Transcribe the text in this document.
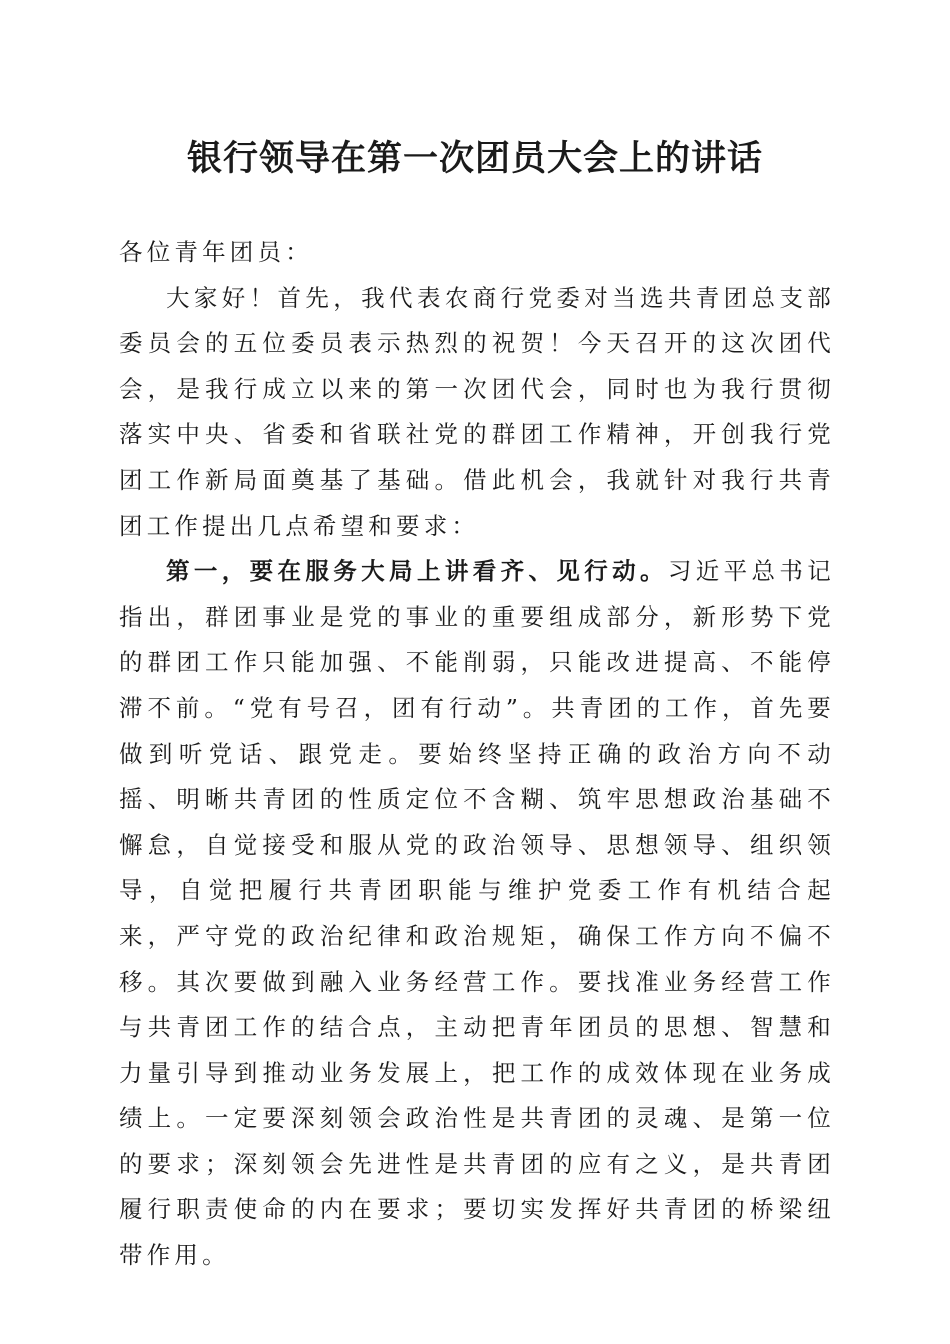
银行领导在第一次团员大会上的讲话

各位青年团员：

大家好！首先，我代表农商行党委对当选共青团总支部委员会的五位委员表示热烈的祝贺！今天召开的这次团代会，是我行成立以来的第一次团代会，同时也为我行贯彻落实中央、省委和省联社党的群团工作精神，开创我行党团工作新局面奠基了基础。借此机会，我就针对我行共青团工作提出几点希望和要求：

第一，要在服务大局上讲看齐、见行动。习近平总书记指出，群团事业是党的事业的重要组成部分，新形势下党的群团工作只能加强、不能削弱，只能改进提高、不能停滞不前。“党有号召，团有行动”。共青团的工作，首先要做到听党话、跟党走。要始终坚持正确的政治方向不动摇、明晰共青团的性质定位不含糊、筑牢思想政治基础不懈怠，自觉接受和服从党的政治领导、思想领导、组织领导，自觉把履行共青团职能与维护党委工作有机结合起来，严守党的政治纪律和政治规矩，确保工作方向不偏不移。其次要做到融入业务经营工作。要找准业务经营工作与共青团工作的结合点，主动把青年团员的思想、智慧和力量引导到推动业务发展上，把工作的成效体现在业务成绩上。一定要深刻领会政治性是共青团的灵魂、是第一位的要求；深刻领会先进性是共青团的应有之义，是共青团履行职责使命的内在要求；要切实发挥好共青团的桥梁纽带作用。
